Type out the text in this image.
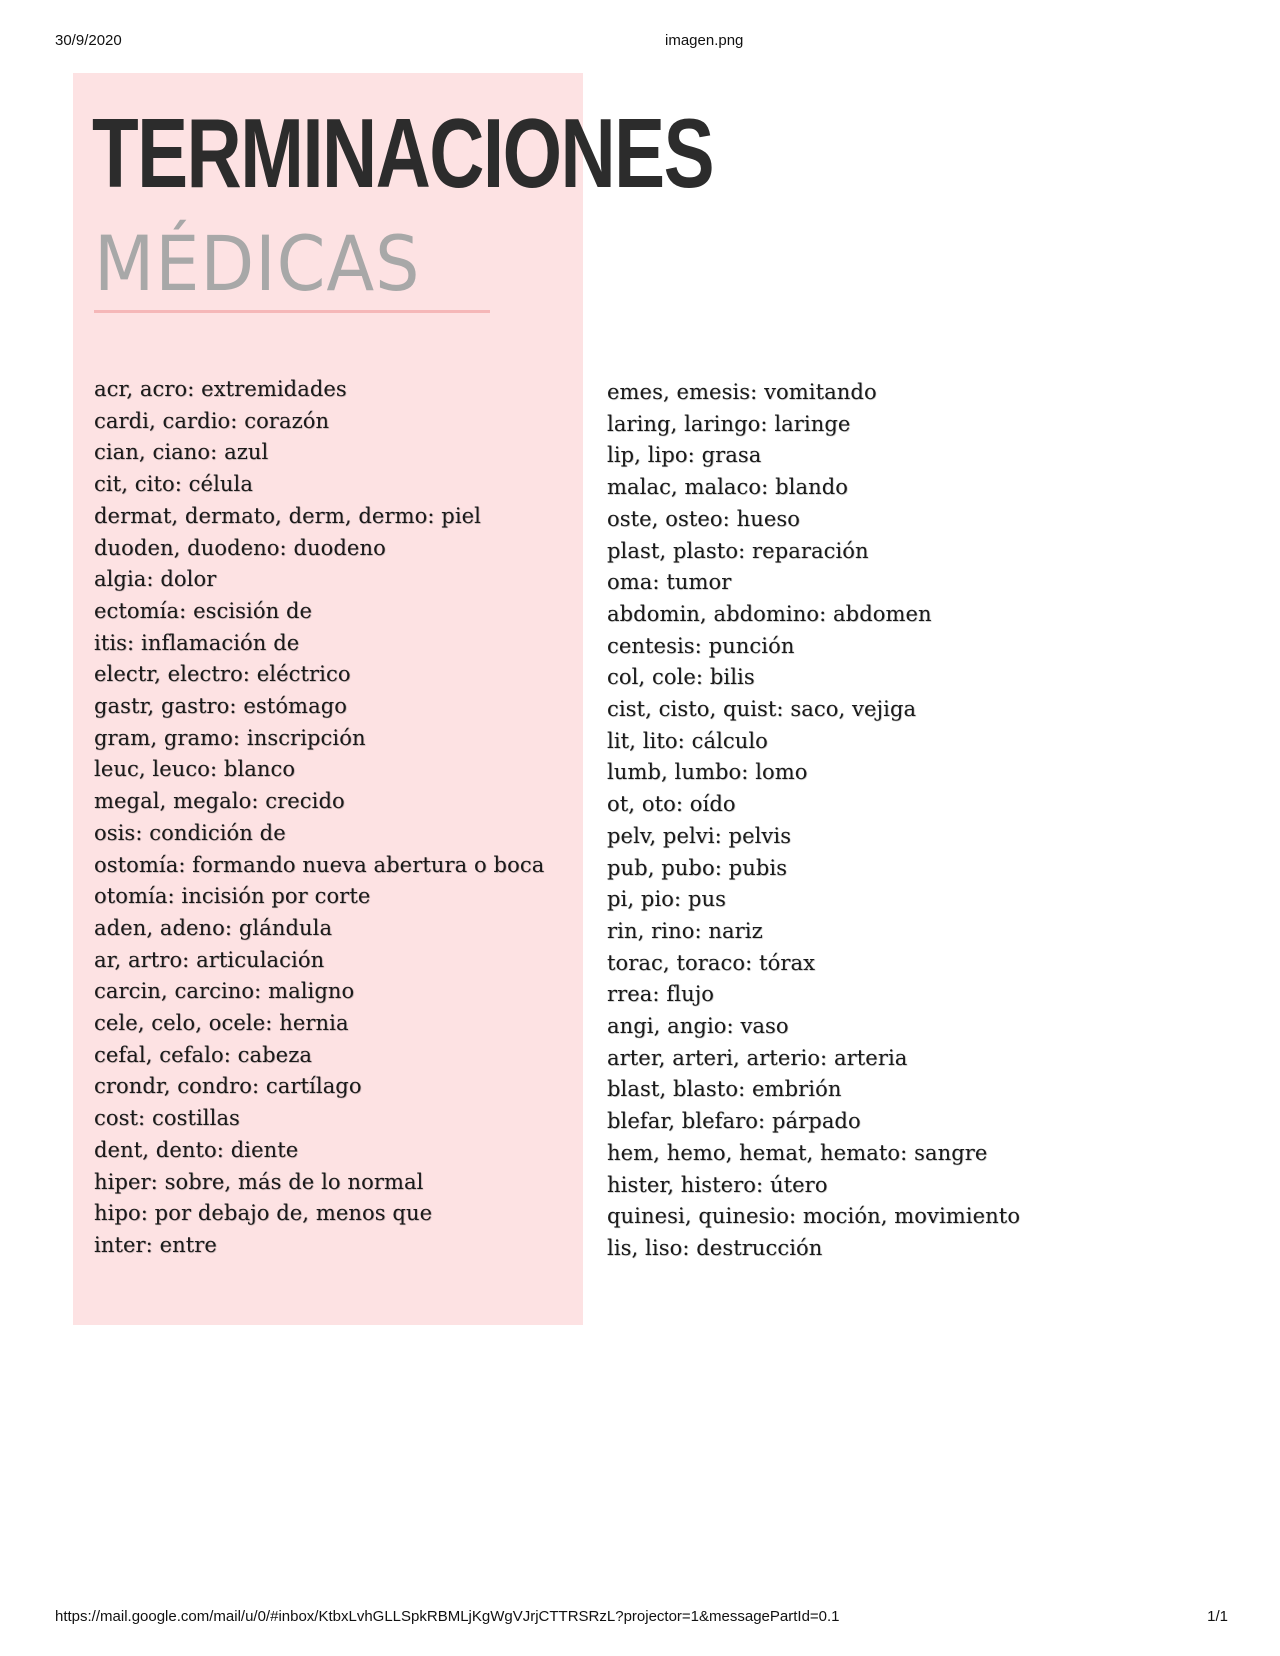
30/9/2020	imagen.png
TERMINACIONES
MÉDICAS
acr, acro: extremidades
cardi, cardio: corazón
cian, ciano: azul
cit, cito: célula
dermat, dermato, derm, dermo: piel
duoden, duodeno: duodeno
algia: dolor
ectomía: escisión de
itis: inflamación de
electr, electro: eléctrico
gastr, gastro: estómago
gram, gramo: inscripción
leuc, leuco: blanco
megal, megalo: crecido
osis: condición de
ostomía: formando nueva abertura o boca
otomía: incisión por corte
aden, adeno: glándula
ar, artro: articulación
carcin, carcino: maligno
cele, celo, ocele: hernia
cefal, cefalo: cabeza
crondr, condro: cartílago
cost: costillas
dent, dento: diente
hiper: sobre, más de lo normal
hipo: por debajo de, menos que
inter: entre
emes, emesis: vomitando
laring, laringo: laringe
lip, lipo: grasa
malac, malaco: blando
oste, osteo: hueso
plast, plasto: reparación
oma: tumor
abdomin, abdomino: abdomen
centesis: punción
col, cole: bilis
cist, cisto, quist: saco, vejiga
lit, lito: cálculo
lumb, lumbo: lomo
ot, oto: oído
pelv, pelvi: pelvis
pub, pubo: pubis
pi, pio: pus
rin, rino: nariz
torac, toraco: tórax
rrea: flujo
angi, angio: vaso
arter, arteri, arterio: arteria
blast, blasto: embrión
blefar, blefaro: párpado
hem, hemo, hemat, hemato: sangre
hister, histero: útero
quinesi, quinesio: moción, movimiento
lis, liso: destrucción
https://mail.google.com/mail/u/0/#inbox/KtbxLvhGLLSpkRBMLjKgWgVJrjCTTRSRzL?projector=1&messagePartId=0.1	1/1
